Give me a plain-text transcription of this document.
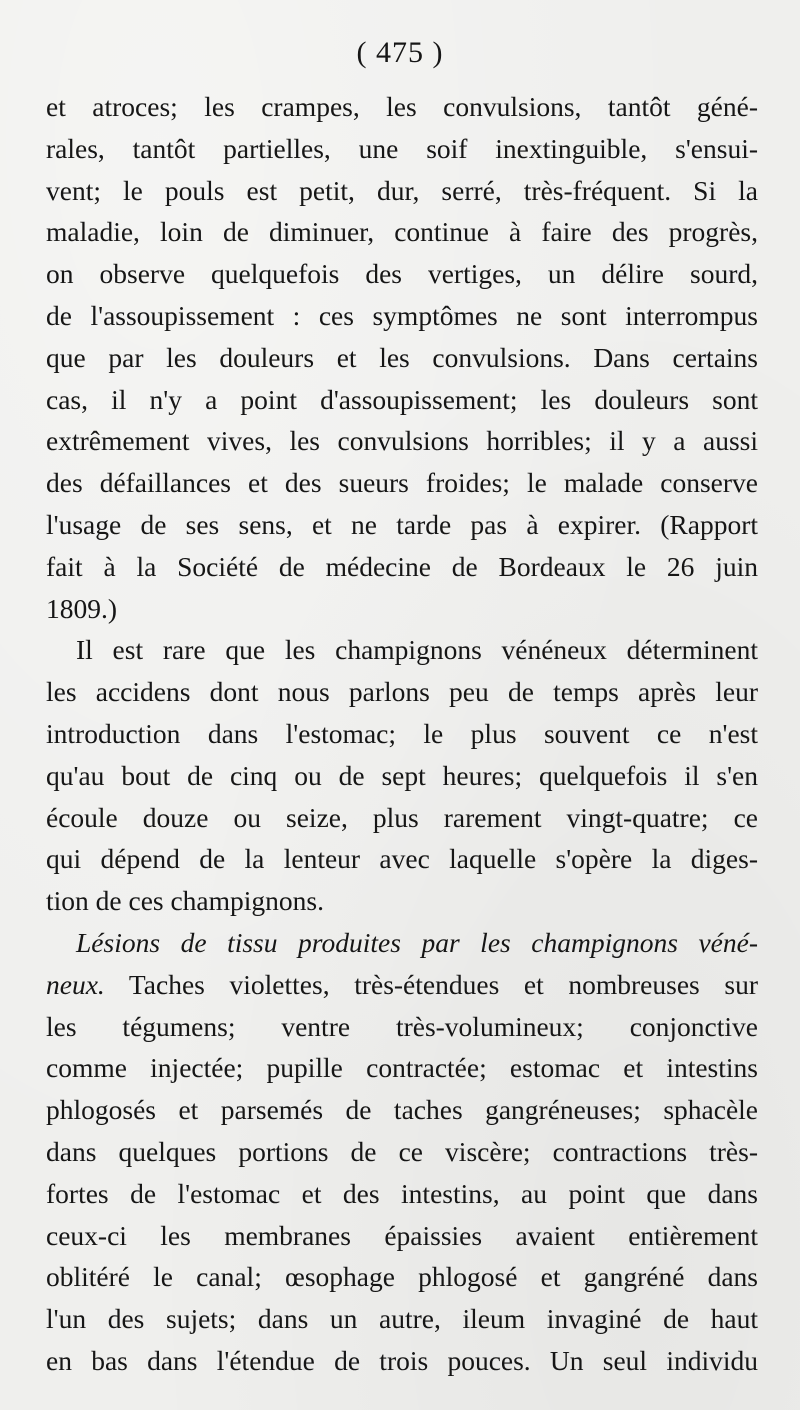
( 475 )
et atroces; les crampes, les convulsions, tantôt géné-
rales, tantôt partielles, une soif inextinguible, s'ensui-
vent; le pouls est petit, dur, serré, très-fréquent. Si la
maladie, loin de diminuer, continue à faire des progrès,
on observe quelquefois des vertiges, un délire sourd,
de l'assoupissement : ces symptômes ne sont interrompus
que par les douleurs et les convulsions. Dans certains
cas, il n'y a point d'assoupissement; les douleurs sont
extrêmement vives, les convulsions horribles; il y a aussi
des défaillances et des sueurs froides; le malade conserve
l'usage de ses sens, et ne tarde pas à expirer. (Rapport
fait à la Société de médecine de Bordeaux le 26 juin
1809.)
Il est rare que les champignons vénéneux déterminent
les accidens dont nous parlons peu de temps après leur
introduction dans l'estomac; le plus souvent ce n'est
qu'au bout de cinq ou de sept heures; quelquefois il s'en
écoule douze ou seize, plus rarement vingt-quatre; ce
qui dépend de la lenteur avec laquelle s'opère la diges-
tion de ces champignons.
Lésions de tissu produites par les champignons véné-
neux. Taches violettes, très-étendues et nombreuses sur
les tégumens; ventre très-volumineux; conjonctive
comme injectée; pupille contractée; estomac et intestins
phlogosés et parsemés de taches gangréneuses; sphacèle
dans quelques portions de ce viscère; contractions très-
fortes de l'estomac et des intestins, au point que dans
ceux-ci les membranes épaissies avaient entièrement
oblitéré le canal; œsophage phlogosé et gangréné dans
l'un des sujets; dans un autre, ileum invaginé de haut
en bas dans l'étendue de trois pouces. Un seul individu
